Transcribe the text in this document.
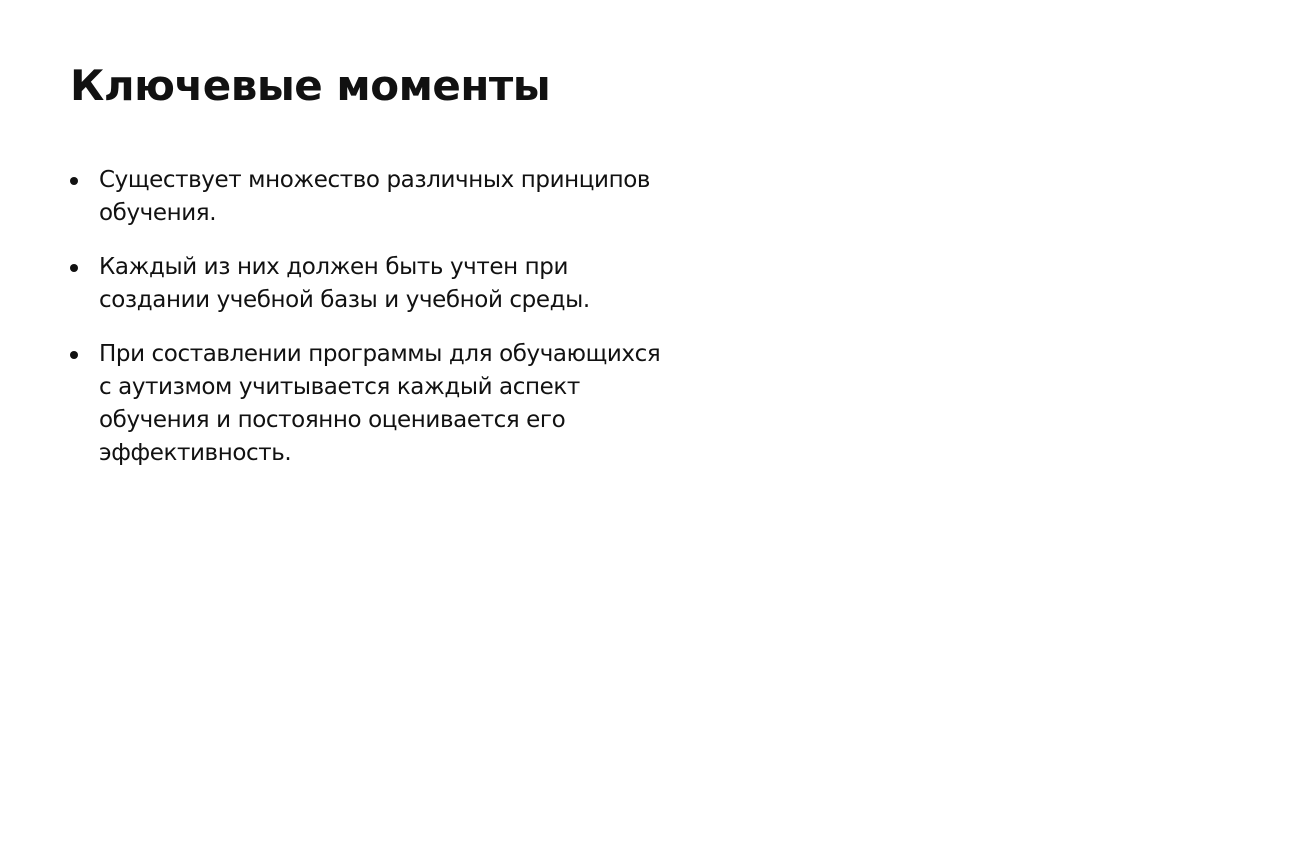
Ключевые моменты
Существует множество различных принципов обучения.
Каждый из них должен быть учтен при создании учебной базы и учебной среды.
При составлении программы для обучающихся с аутизмом учитывается каждый аспект обучения и постоянно оценивается его эффективность.
